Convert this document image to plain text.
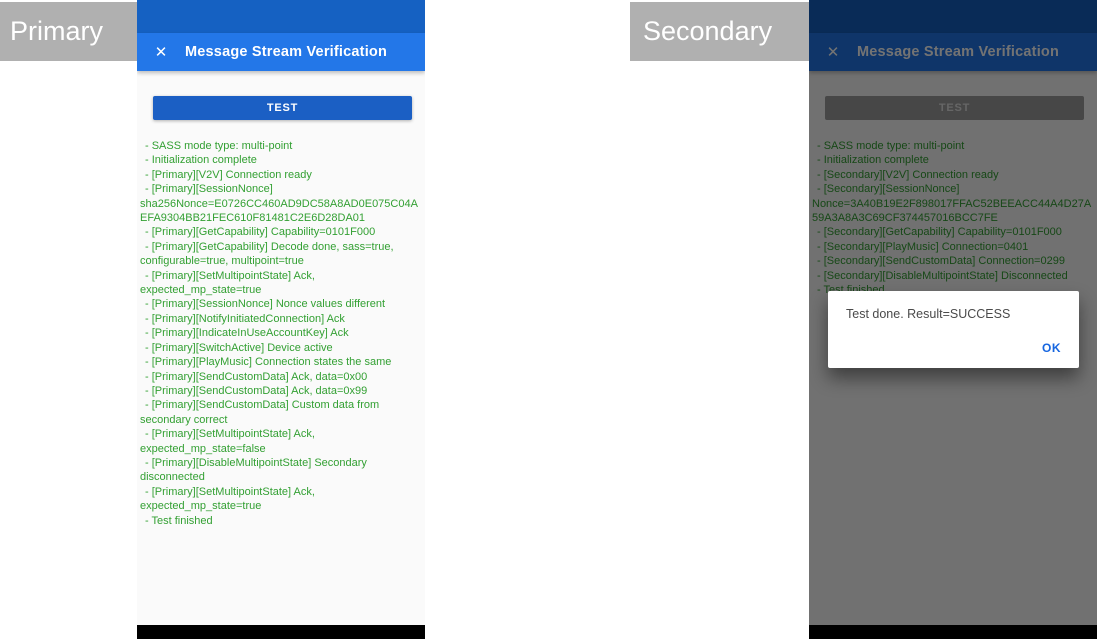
Primary	Secondary
✕ Message Stream Verification
TEST
- SASS mode type: multi-point
- Initialization complete
- [Primary][V2V] Connection ready
- [Primary][SessionNonce] sha256Nonce=E0726CC460AD9DC58A8AD0E075C04AEFA9304BB21FEC610F81481C2E6D28DA01
- [Primary][GetCapability] Capability=0101F000
- [Primary][GetCapability] Decode done, sass=true, configurable=true, multipoint=true
- [Primary][SetMultipointState] Ack, expected_mp_state=true
- [Primary][SessionNonce] Nonce values different
- [Primary][NotifyInitiatedConnection] Ack
- [Primary][IndicateInUseAccountKey] Ack
- [Primary][SwitchActive] Device active
- [Primary][PlayMusic] Connection states the same
- [Primary][SendCustomData] Ack, data=0x00
- [Primary][SendCustomData] Ack, data=0x99
- [Primary][SendCustomData] Custom data from secondary correct
- [Primary][SetMultipointState] Ack, expected_mp_state=false
- [Primary][DisableMultipointState] Secondary disconnected
- [Primary][SetMultipointState] Ack, expected_mp_state=true
- Test finished
Test done. Result=SUCCESS
OK
